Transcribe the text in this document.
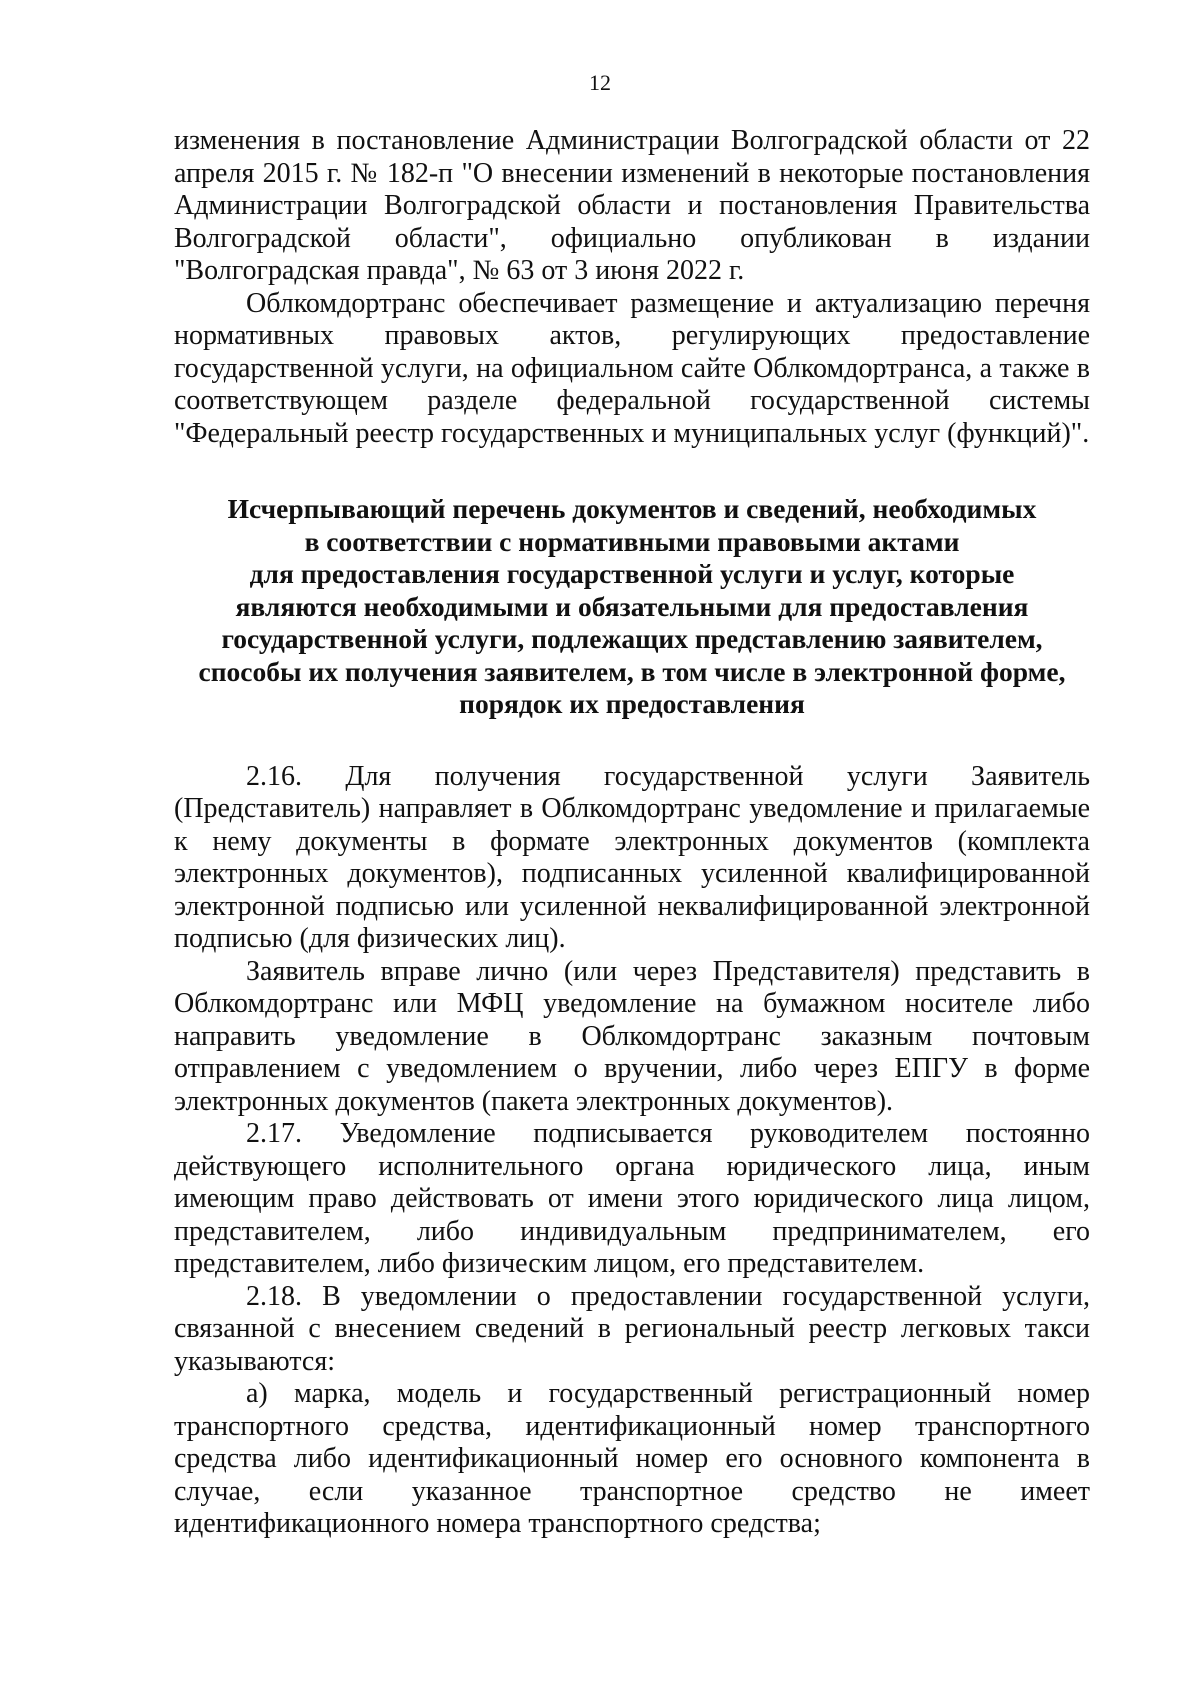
12

изменения в постановление Администрации Волгоградской области от 22 апреля 2015 г. № 182-п "О внесении изменений в некоторые постановления Администрации Волгоградской области и постановления Правительства Волгоградской области", официально опубликован в издании "Волгоградская правда", № 63 от 3 июня 2022 г.

Облкомдортранс обеспечивает размещение и актуализацию перечня нормативных правовых актов, регулирующих предоставление государственной услуги, на официальном сайте Облкомдортранса, а также в соответствующем разделе федеральной государственной системы "Федеральный реестр государственных и муниципальных услуг (функций)".

Исчерпывающий перечень документов и сведений, необходимых
в соответствии с нормативными правовыми актами
для предоставления государственной услуги и услуг, которые
являются необходимыми и обязательными для предоставления
государственной услуги, подлежащих представлению заявителем,
способы их получения заявителем, в том числе в электронной форме,
порядок их предоставления

2.16. Для получения государственной услуги Заявитель (Представитель) направляет в Облкомдортранс уведомление и прилагаемые к нему документы в формате электронных документов (комплекта электронных документов), подписанных усиленной квалифицированной электронной подписью или усиленной неквалифицированной электронной подписью (для физических лиц).

Заявитель вправе лично (или через Представителя) представить в Облкомдортранс или МФЦ уведомление на бумажном носителе либо направить уведомление в Облкомдортранс заказным почтовым отправлением с уведомлением о вручении, либо через ЕПГУ в форме электронных документов (пакета электронных документов).

2.17. Уведомление подписывается руководителем постоянно действующего исполнительного органа юридического лица, иным имеющим право действовать от имени этого юридического лица лицом, представителем, либо индивидуальным предпринимателем, его представителем, либо физическим лицом, его представителем.

2.18. В уведомлении о предоставлении государственной услуги, связанной с внесением сведений в региональный реестр легковых такси указываются:

а) марка, модель и государственный регистрационный номер транспортного средства, идентификационный номер транспортного средства либо идентификационный номер его основного компонента в случае, если указанное транспортное средство не имеет идентификационного номера транспортного средства;
